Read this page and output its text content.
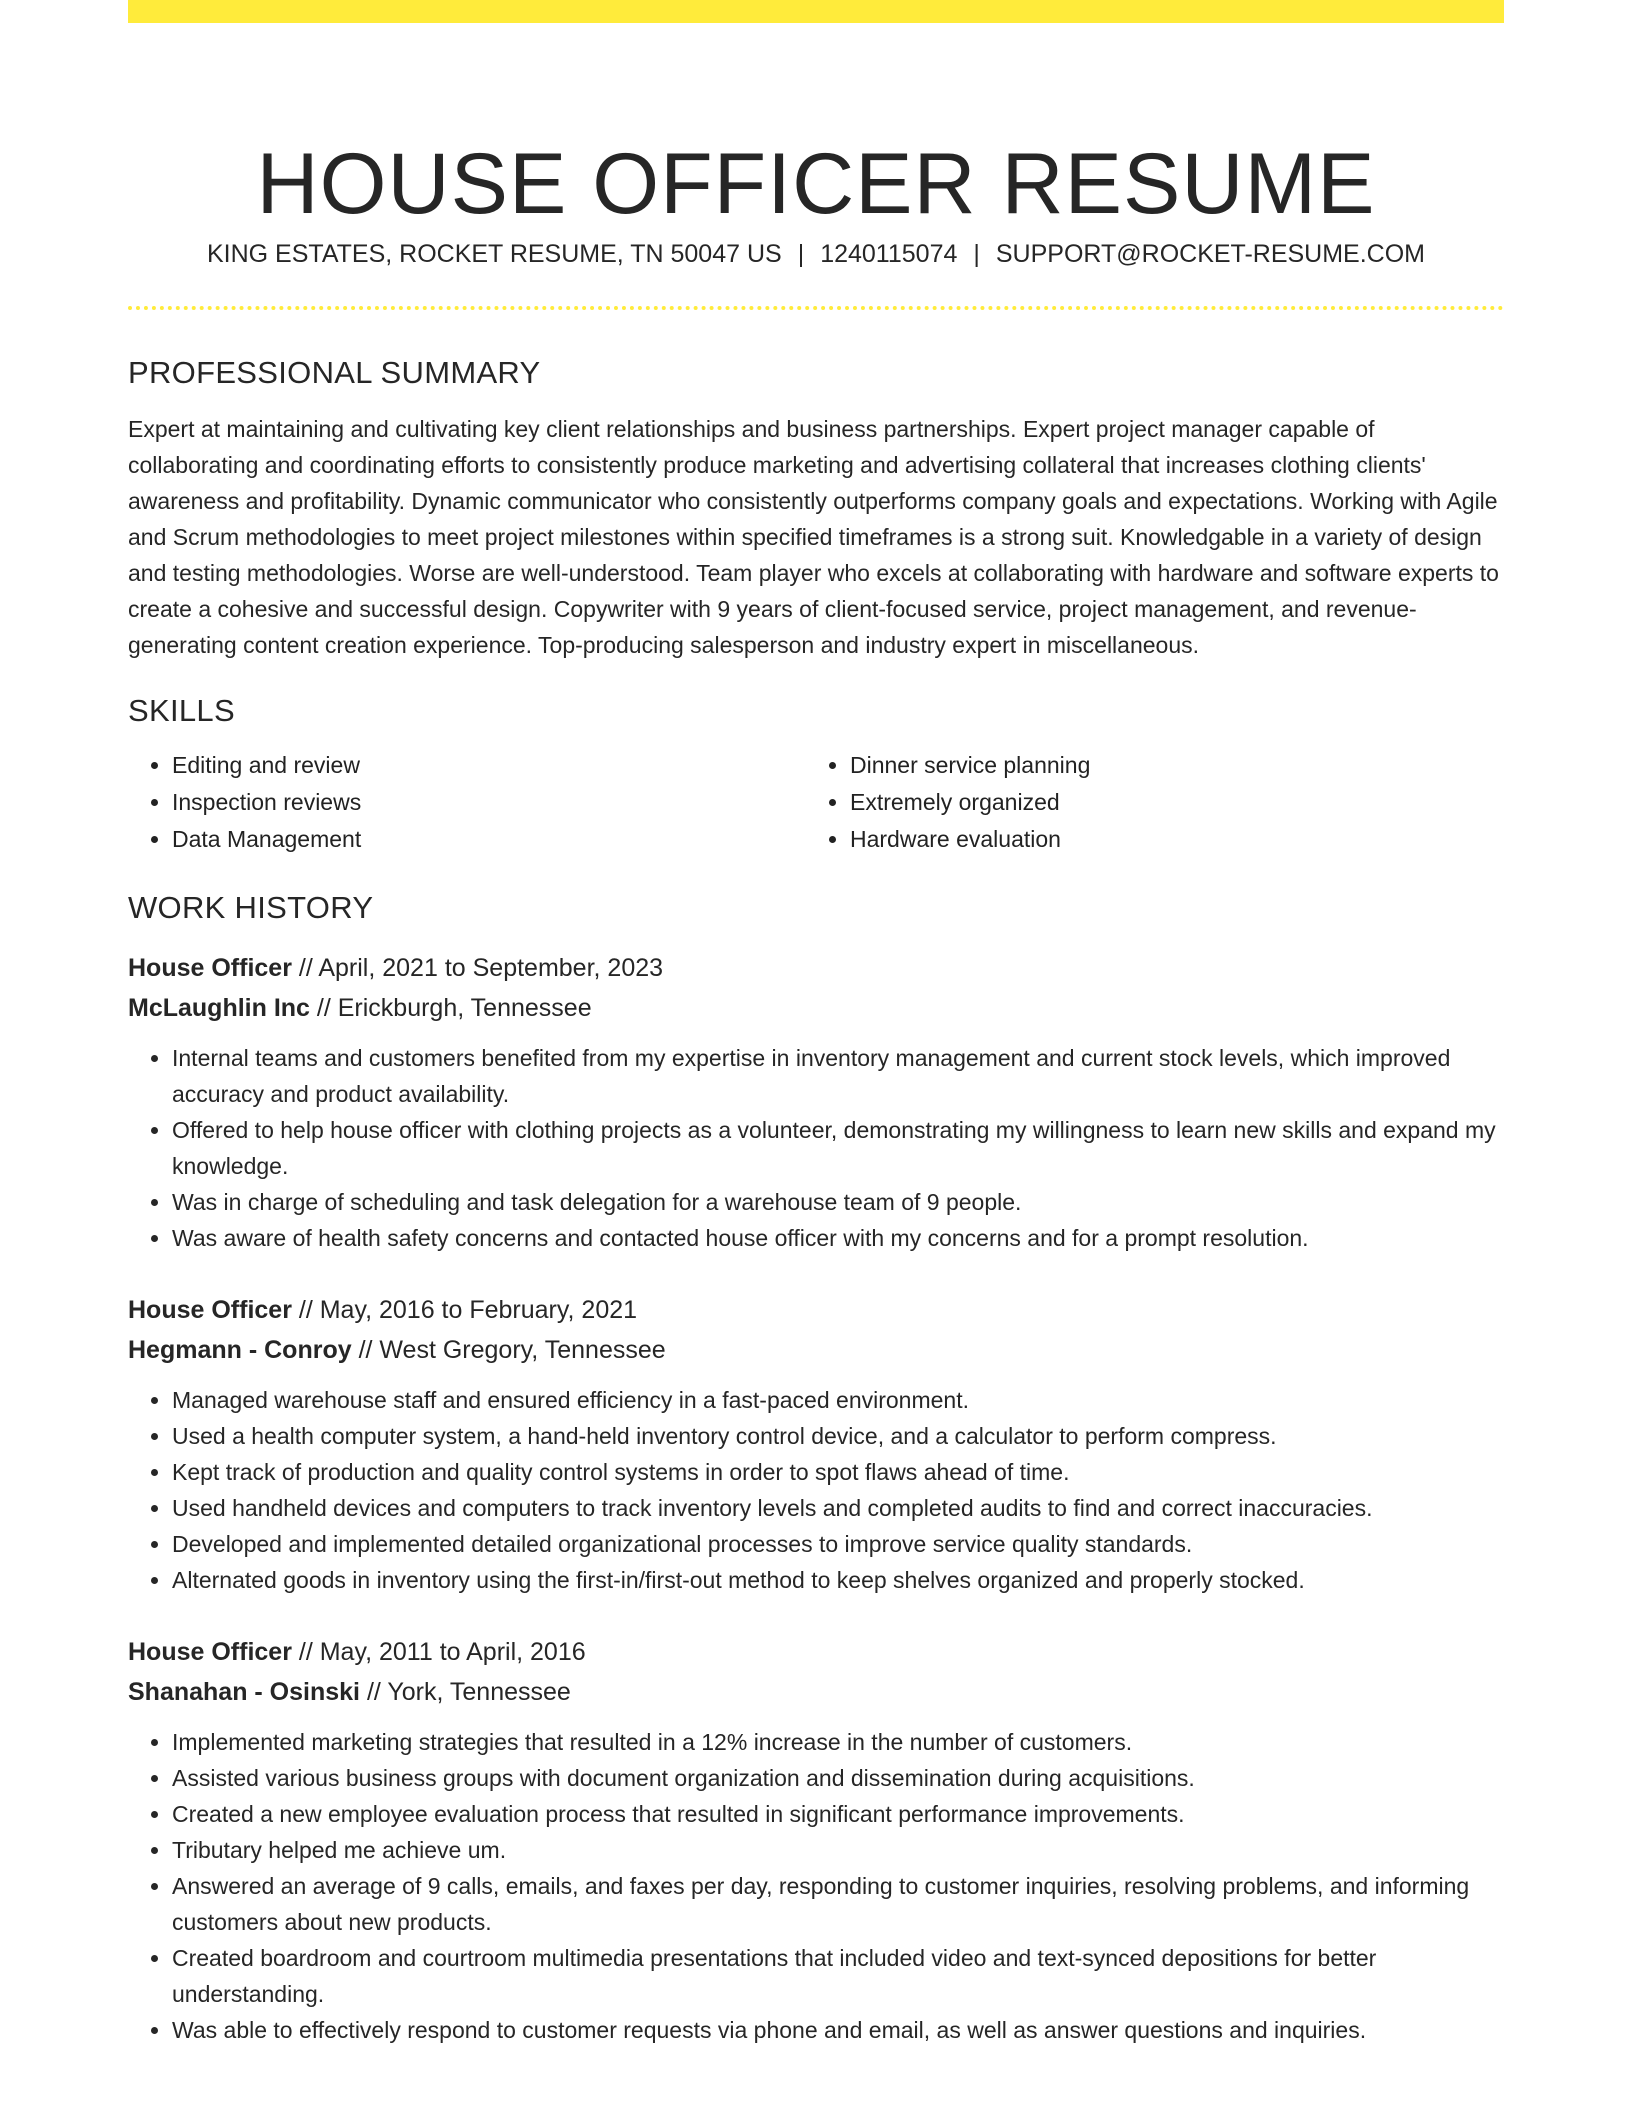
HOUSE OFFICER RESUME
KING ESTATES, ROCKET RESUME, TN 50047 US | 1240115074 | SUPPORT@ROCKET-RESUME.COM
PROFESSIONAL SUMMARY

Expert at maintaining and cultivating key client relationships and business partnerships. Expert project manager capable of collaborating and coordinating efforts to consistently produce marketing and advertising collateral that increases clothing clients' awareness and profitability. Dynamic communicator who consistently outperforms company goals and expectations. Working with Agile and Scrum methodologies to meet project milestones within specified timeframes is a strong suit. Knowledgable in a variety of design and testing methodologies. Worse are well-understood. Team player who excels at collaborating with hardware and software experts to create a cohesive and successful design. Copywriter with 9 years of client-focused service, project management, and revenue-generating content creation experience. Top-producing salesperson and industry expert in miscellaneous.

SKILLS
• Editing and review
• Inspection reviews
• Data Management
• Dinner service planning
• Extremely organized
• Hardware evaluation
WORK HISTORY
House Officer // April, 2021 to September, 2023
McLaughlin Inc // Erickburgh, Tennessee
• Internal teams and customers benefited from my expertise in inventory management and current stock levels, which improved accuracy and product availability.
• Offered to help house officer with clothing projects as a volunteer, demonstrating my willingness to learn new skills and expand my knowledge.
• Was in charge of scheduling and task delegation for a warehouse team of 9 people.
• Was aware of health safety concerns and contacted house officer with my concerns and for a prompt resolution.
House Officer // May, 2016 to February, 2021
Hegmann - Conroy // West Gregory, Tennessee
• Managed warehouse staff and ensured efficiency in a fast-paced environment.
• Used a health computer system, a hand-held inventory control device, and a calculator to perform compress.
• Kept track of production and quality control systems in order to spot flaws ahead of time.
• Used handheld devices and computers to track inventory levels and completed audits to find and correct inaccuracies.
• Developed and implemented detailed organizational processes to improve service quality standards.
• Alternated goods in inventory using the first-in/first-out method to keep shelves organized and properly stocked.
House Officer // May, 2011 to April, 2016
Shanahan - Osinski // York, Tennessee
• Implemented marketing strategies that resulted in a 12% increase in the number of customers.
• Assisted various business groups with document organization and dissemination during acquisitions.
• Created a new employee evaluation process that resulted in significant performance improvements.
• Tributary helped me achieve um.
• Answered an average of 9 calls, emails, and faxes per day, responding to customer inquiries, resolving problems, and informing customers about new products.
• Created boardroom and courtroom multimedia presentations that included video and text-synced depositions for better understanding.
• Was able to effectively respond to customer requests via phone and email, as well as answer questions and inquiries.
